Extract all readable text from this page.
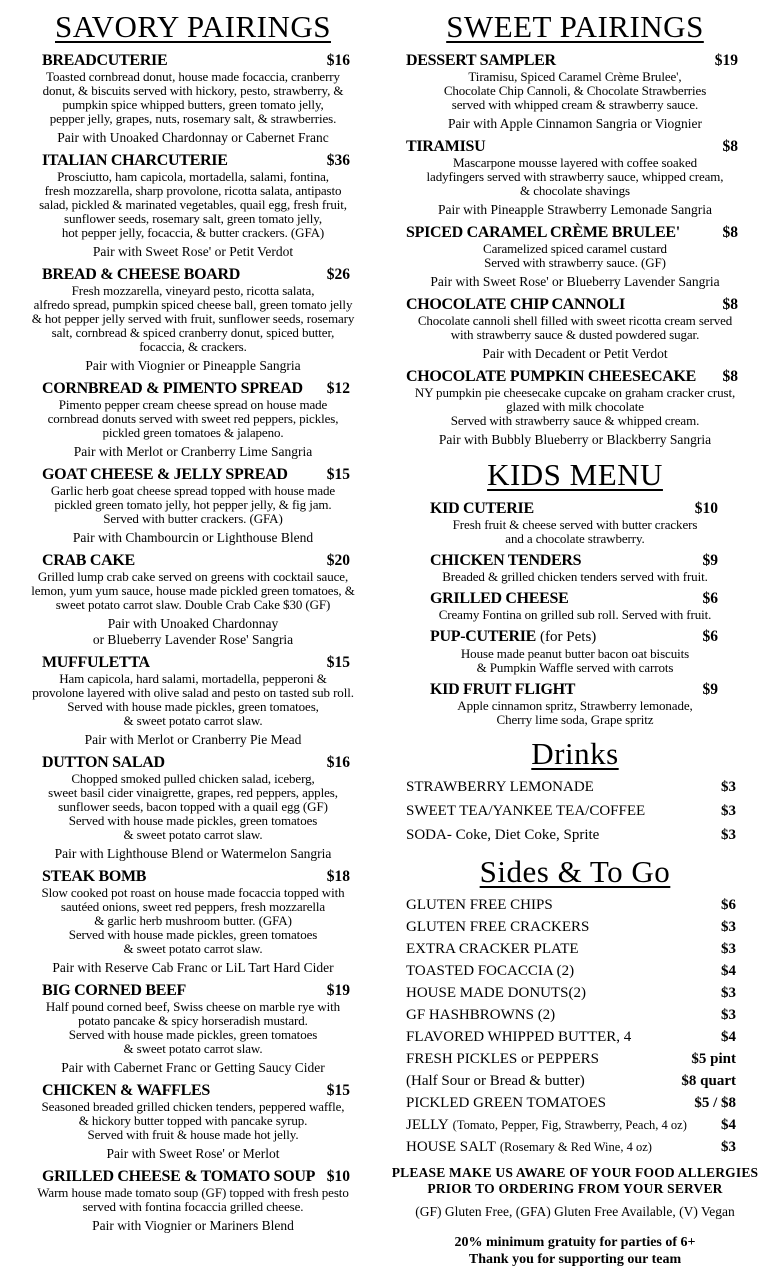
SAVORY PAIRINGS
BREADCUTERIE	$16
Toasted cornbread donut, house made focaccia, cranberry
donut, & biscuits served with hickory, pesto, strawberry, &
pumpkin spice whipped butters, green tomato jelly,
pepper jelly, grapes, nuts, rosemary salt, & strawberries.
Pair with Unoaked Chardonnay or Cabernet Franc
ITALIAN CHARCUTERIE	$36
Prosciutto, ham capicola, mortadella, salami, fontina,
fresh mozzarella, sharp provolone, ricotta salata, antipasto
salad, pickled & marinated vegetables, quail egg, fresh fruit,
sunflower seeds, rosemary salt, green tomato jelly,
hot pepper jelly, focaccia, & butter crackers. (GFA)
Pair with Sweet Rose' or Petit Verdot
BREAD & CHEESE BOARD	$26
Fresh mozzarella, vineyard pesto, ricotta salata,
alfredo spread, pumpkin spiced cheese ball, green tomato jelly
& hot pepper jelly served with fruit, sunflower seeds, rosemary
salt, cornbread & spiced cranberry donut, spiced butter,
focaccia, & crackers.
Pair with Viognier or Pineapple Sangria
CORNBREAD & PIMENTO SPREAD $12
Pimento pepper cream cheese spread on house made
cornbread donuts served with sweet red peppers, pickles,
pickled green tomatoes & jalapeno.
Pair with Merlot or Cranberry Lime Sangria
GOAT CHEESE & JELLY SPREAD	$15
Garlic herb goat cheese spread topped with house made
pickled green tomato jelly, hot pepper jelly, & fig jam.
Served with butter crackers. (GFA)
Pair with Chambourcin or Lighthouse Blend
CRAB CAKE	$20
Grilled lump crab cake served on greens with cocktail sauce,
lemon, yum yum sauce, house made pickled green tomatoes, &
sweet potato carrot slaw. Double Crab Cake $30 (GF)
Pair with Unoaked Chardonnay
or Blueberry Lavender Rose' Sangria
MUFFULETTA	$15
Ham capicola, hard salami, mortadella, pepperoni &
provolone layered with olive salad and pesto on tasted sub roll.
Served with house made pickles, green tomatoes,
& sweet potato carrot slaw.
Pair with Merlot or Cranberry Pie Mead
DUTTON SALAD	$16
Chopped smoked pulled chicken salad, iceberg,
sweet basil cider vinaigrette, grapes, red peppers, apples,
sunflower seeds, bacon topped with a quail egg (GF)
Served with house made pickles, green tomatoes
& sweet potato carrot slaw.
Pair with Lighthouse Blend or Watermelon Sangria
STEAK BOMB	$18
Slow cooked pot roast on house made focaccia topped with
sautéed onions, sweet red peppers, fresh mozzarella
& garlic herb mushroom butter. (GFA)
Served with house made pickles, green tomatoes
& sweet potato carrot slaw.
Pair with Reserve Cab Franc or LiL Tart Hard Cider
BIG CORNED BEEF	$19
Half pound corned beef, Swiss cheese on marble rye with
potato pancake & spicy horseradish mustard.
Served with house made pickles, green tomatoes
& sweet potato carrot slaw.
Pair with Cabernet Franc or Getting Saucy Cider
CHICKEN & WAFFLES	$15
Seasoned breaded grilled chicken tenders, peppered waffle,
& hickory butter topped with pancake syrup.
Served with fruit & house made hot jelly.
Pair with Sweet Rose' or Merlot
GRILLED CHEESE & TOMATO SOUP $10
Warm house made tomato soup (GF) topped with fresh pesto
served with fontina focaccia grilled cheese.
Pair with Viognier or Mariners Blend
SWEET PAIRINGS
DESSERT SAMPLER	$19
Tiramisu, Spiced Caramel Crème Brulee',
Chocolate Chip Cannoli, & Chocolate Strawberries
served with whipped cream & strawberry sauce.
Pair with Apple Cinnamon Sangria or Viognier
TIRAMISU	$8
Mascarpone mousse layered with coffee soaked
ladyfingers served with strawberry sauce, whipped cream,
& chocolate shavings
Pair with Pineapple Strawberry Lemonade Sangria
SPICED CARAMEL CRÈME BRULEE'	$8
Caramelized spiced caramel custard
Served with strawberry sauce. (GF)
Pair with Sweet Rose' or Blueberry Lavender Sangria
CHOCOLATE CHIP CANNOLI	$8
Chocolate cannoli shell filled with sweet ricotta cream served
with strawberry sauce & dusted powdered sugar.
Pair with Decadent or Petit Verdot
CHOCOLATE PUMPKIN CHEESECAKE $8
NY pumpkin pie cheesecake cupcake on graham cracker crust,
glazed with milk chocolate
Served with strawberry sauce & whipped cream.
Pair with Bubbly Blueberry or Blackberry Sangria
KIDS MENU
KID CUTERIE	$10
Fresh fruit & cheese served with butter crackers
and a chocolate strawberry.
CHICKEN TENDERS	$9
Breaded & grilled chicken tenders served with fruit.
GRILLED CHEESE	$6
Creamy Fontina on grilled sub roll. Served with fruit.
PUP-CUTERIE (for Pets)	$6
House made peanut butter bacon oat biscuits
& Pumpkin Waffle served with carrots
KID FRUIT FLIGHT	$9
Apple cinnamon spritz, Strawberry lemonade,
Cherry lime soda, Grape spritz
Drinks
STRAWBERRY LEMONADE	$3
SWEET TEA/YANKEE TEA/COFFEE	$3
SODA- Coke, Diet Coke, Sprite	$3
Sides & To Go
GLUTEN FREE CHIPS	$6
GLUTEN FREE CRACKERS	$3
EXTRA CRACKER PLATE	$3
TOASTED FOCACCIA (2)	$4
HOUSE MADE DONUTS(2)	$3
GF HASHBROWNS (2)	$3
FLAVORED WHIPPED BUTTER, 4	$4
FRESH PICKLES or PEPPERS	$5 pint
(Half Sour or Bread & butter)	$8 quart
PICKLED GREEN TOMATOES	$5 / $8
JELLY (Tomato, Pepper, Fig, Strawberry, Peach, 4 oz) $4
HOUSE SALT (Rosemary & Red Wine, 4 oz)	$3
PLEASE MAKE US AWARE OF YOUR FOOD ALLERGIES
PRIOR TO ORDERING FROM YOUR SERVER
(GF) Gluten Free, (GFA) Gluten Free Available, (V) Vegan
20% minimum gratuity for parties of 6+
Thank you for supporting our team
